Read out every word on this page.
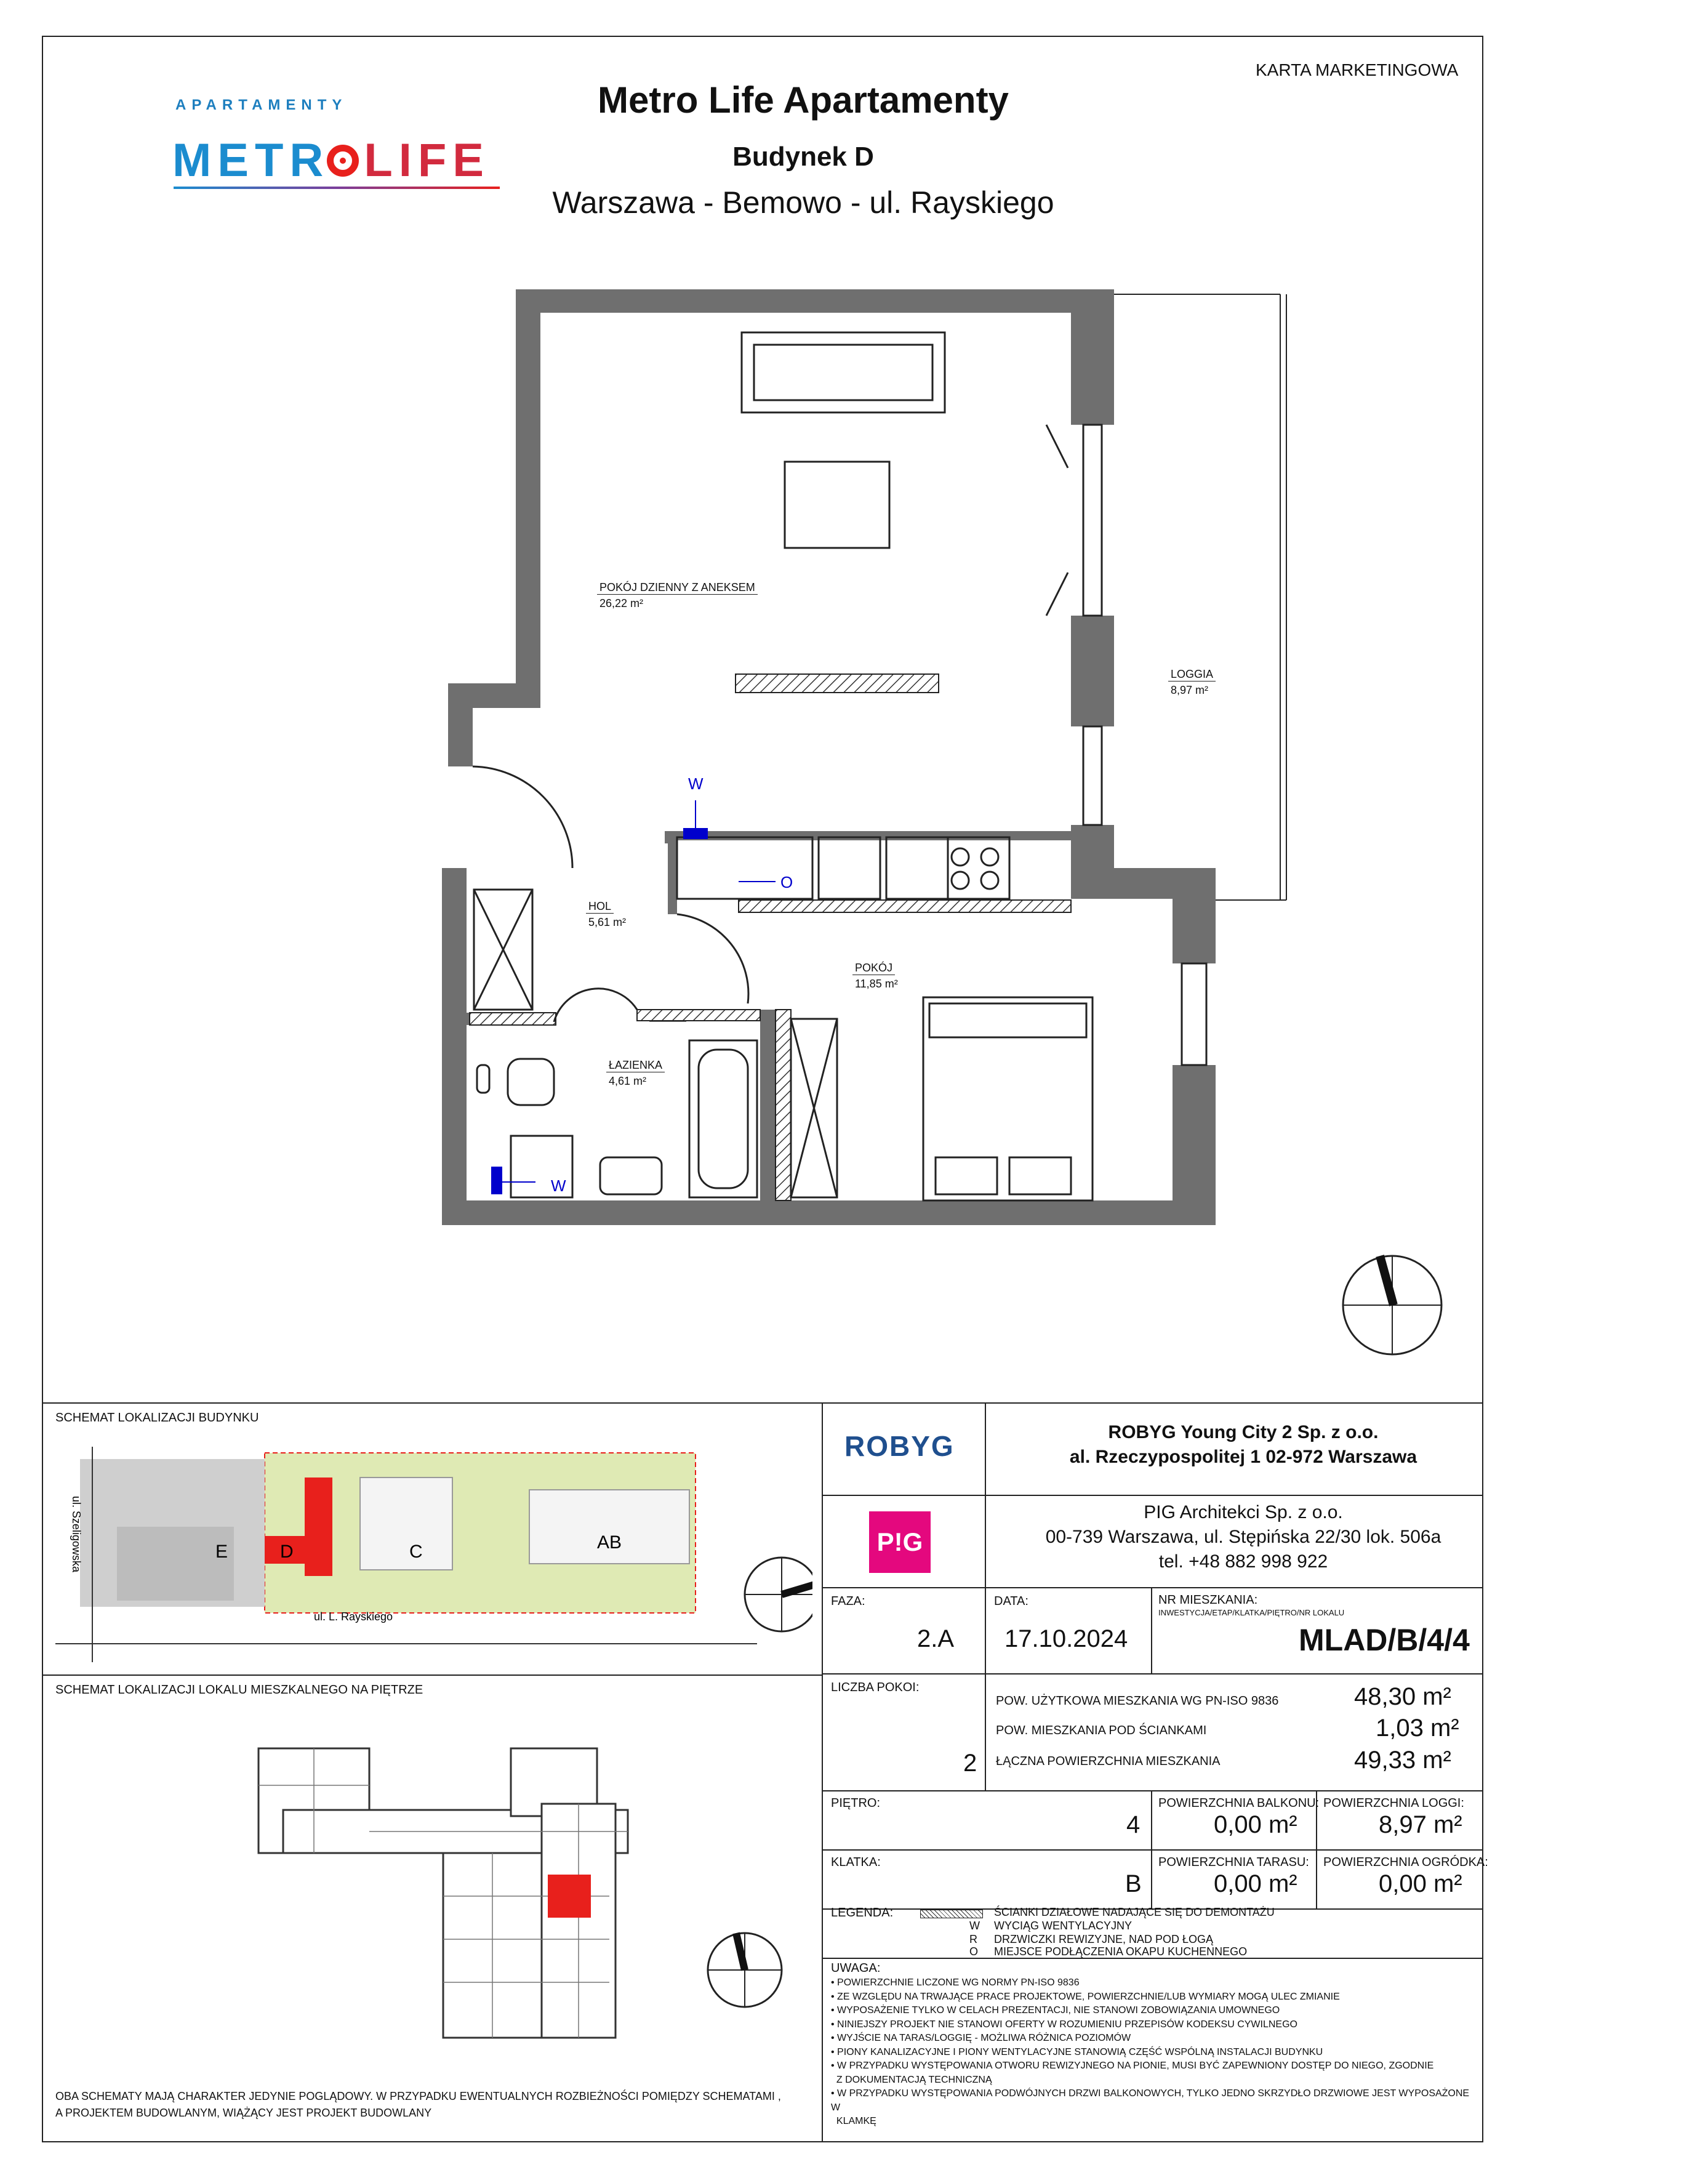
APARTAMENTY
METR LIFE
Metro Life Apartamenty
Budynek D
Warszawa - Bemowo - ul. Rayskiego
KARTA MARKETINGOWA
W
O
W
POKÓJ DZIENNY Z ANEKSEM
26,22 m²
LOGGIA
8,97 m²
HOL
5,61 m²
POKÓJ
11,85 m²
ŁAZIENKA
4,61 m²
SCHEMAT LOKALIZACJI BUDYNKU
E	D	C	AB
ul. L. Rayskiego
ul. Szeligowska
SCHEMAT LOKALIZACJI LOKALU MIESZKALNEGO NA PIĘTRZE
OBA SCHEMATY MAJĄ CHARAKTER JEDYNIE POGLĄDOWY. W PRZYPADKU EWENTUALNYCH ROZBIEŻNOŚCI POMIĘDZY SCHEMATAMI ,
A PROJEKTEM BUDOWLANYM, WIĄŻĄCY JEST PROJEKT BUDOWLANY
ROBYG	ROBYG Young City 2 Sp. z o.o.
al. Rzeczypospolitej 1 02-972 Warszawa
P!G
PIG Architekci Sp. z o.o.
00-739 Warszawa, ul. Stępińska 22/30 lok. 506a
tel. +48 882 998 922
FAZA:
2.A
DATA:
17.10.2024
NR MIESZKANIA:
INWESTYCJA/ETAP/KLATKA/PIĘTRO/NR LOKALU
MLAD/B/4/4
LICZBA POKOI:
2
POW. UŻYTKOWA MIESZKANIA WG PN-ISO 9836	48,30 m²
POW. MIESZKANIA POD ŚCIANKAMI	1,03 m²
ŁĄCZNA POWIERZCHNIA MIESZKANIA	49,33 m²
PIĘTRO:
4
POWIERZCHNIA BALKONU:
0,00 m²
POWIERZCHNIA LOGGI:
8,97 m²
KLATKA:
B
POWIERZCHNIA TARASU:
0,00 m²
POWIERZCHNIA OGRÓDKA:
0,00 m²
LEGENDA:	ŚCIANKI DZIAŁOWE NADAJĄCE SIĘ DO DEMONTAŻU
W WYCIĄG WENTYLACYJNY
R DRZWICZKI REWIZYJNE, NAD POD ŁOGĄ
O MIEJSCE PODŁĄCZENIA OKAPU KUCHENNEGO
UWAGA:
• POWIERZCHNIE LICZONE WG NORMY PN-ISO 9836
• ZE WZGLĘDU NA TRWAJĄCE PRACE PROJEKTOWE, POWIERZCHNIE/LUB WYMIARY MOGĄ ULEC ZMIANIE
• WYPOSAŻENIE TYLKO W CELACH PREZENTACJI, NIE STANOWI ZOBOWIĄZANIA UMOWNEGO
• NINIEJSZY PROJEKT NIE STANOWI OFERTY W ROZUMIENIU PRZEPISÓW KODEKSU CYWILNEGO
• WYJŚCIE NA TARAS/LOGGIĘ - MOŻLIWA RÓŻNICA POZIOMÓW
• PIONY KANALIZACYJNE I PIONY WENTYLACYJNE STANOWIĄ CZĘŚĆ WSPÓLNĄ INSTALACJI BUDYNKU
• W PRZYPADKU WYSTĘPOWANIA OTWORU REWIZYJNEGO NA PIONIE, MUSI BYĆ ZAPEWNIONY DOSTĘP DO NIEGO, ZGODNIE
Z DOKUMENTACJĄ TECHNICZNĄ
• W PRZYPADKU WYSTĘPOWANIA PODWÓJNYCH DRZWI BALKONOWYCH, TYLKO JEDNO SKRZYDŁO DRZWIOWE JEST WYPOSAŻONE W
KLAMKĘ
